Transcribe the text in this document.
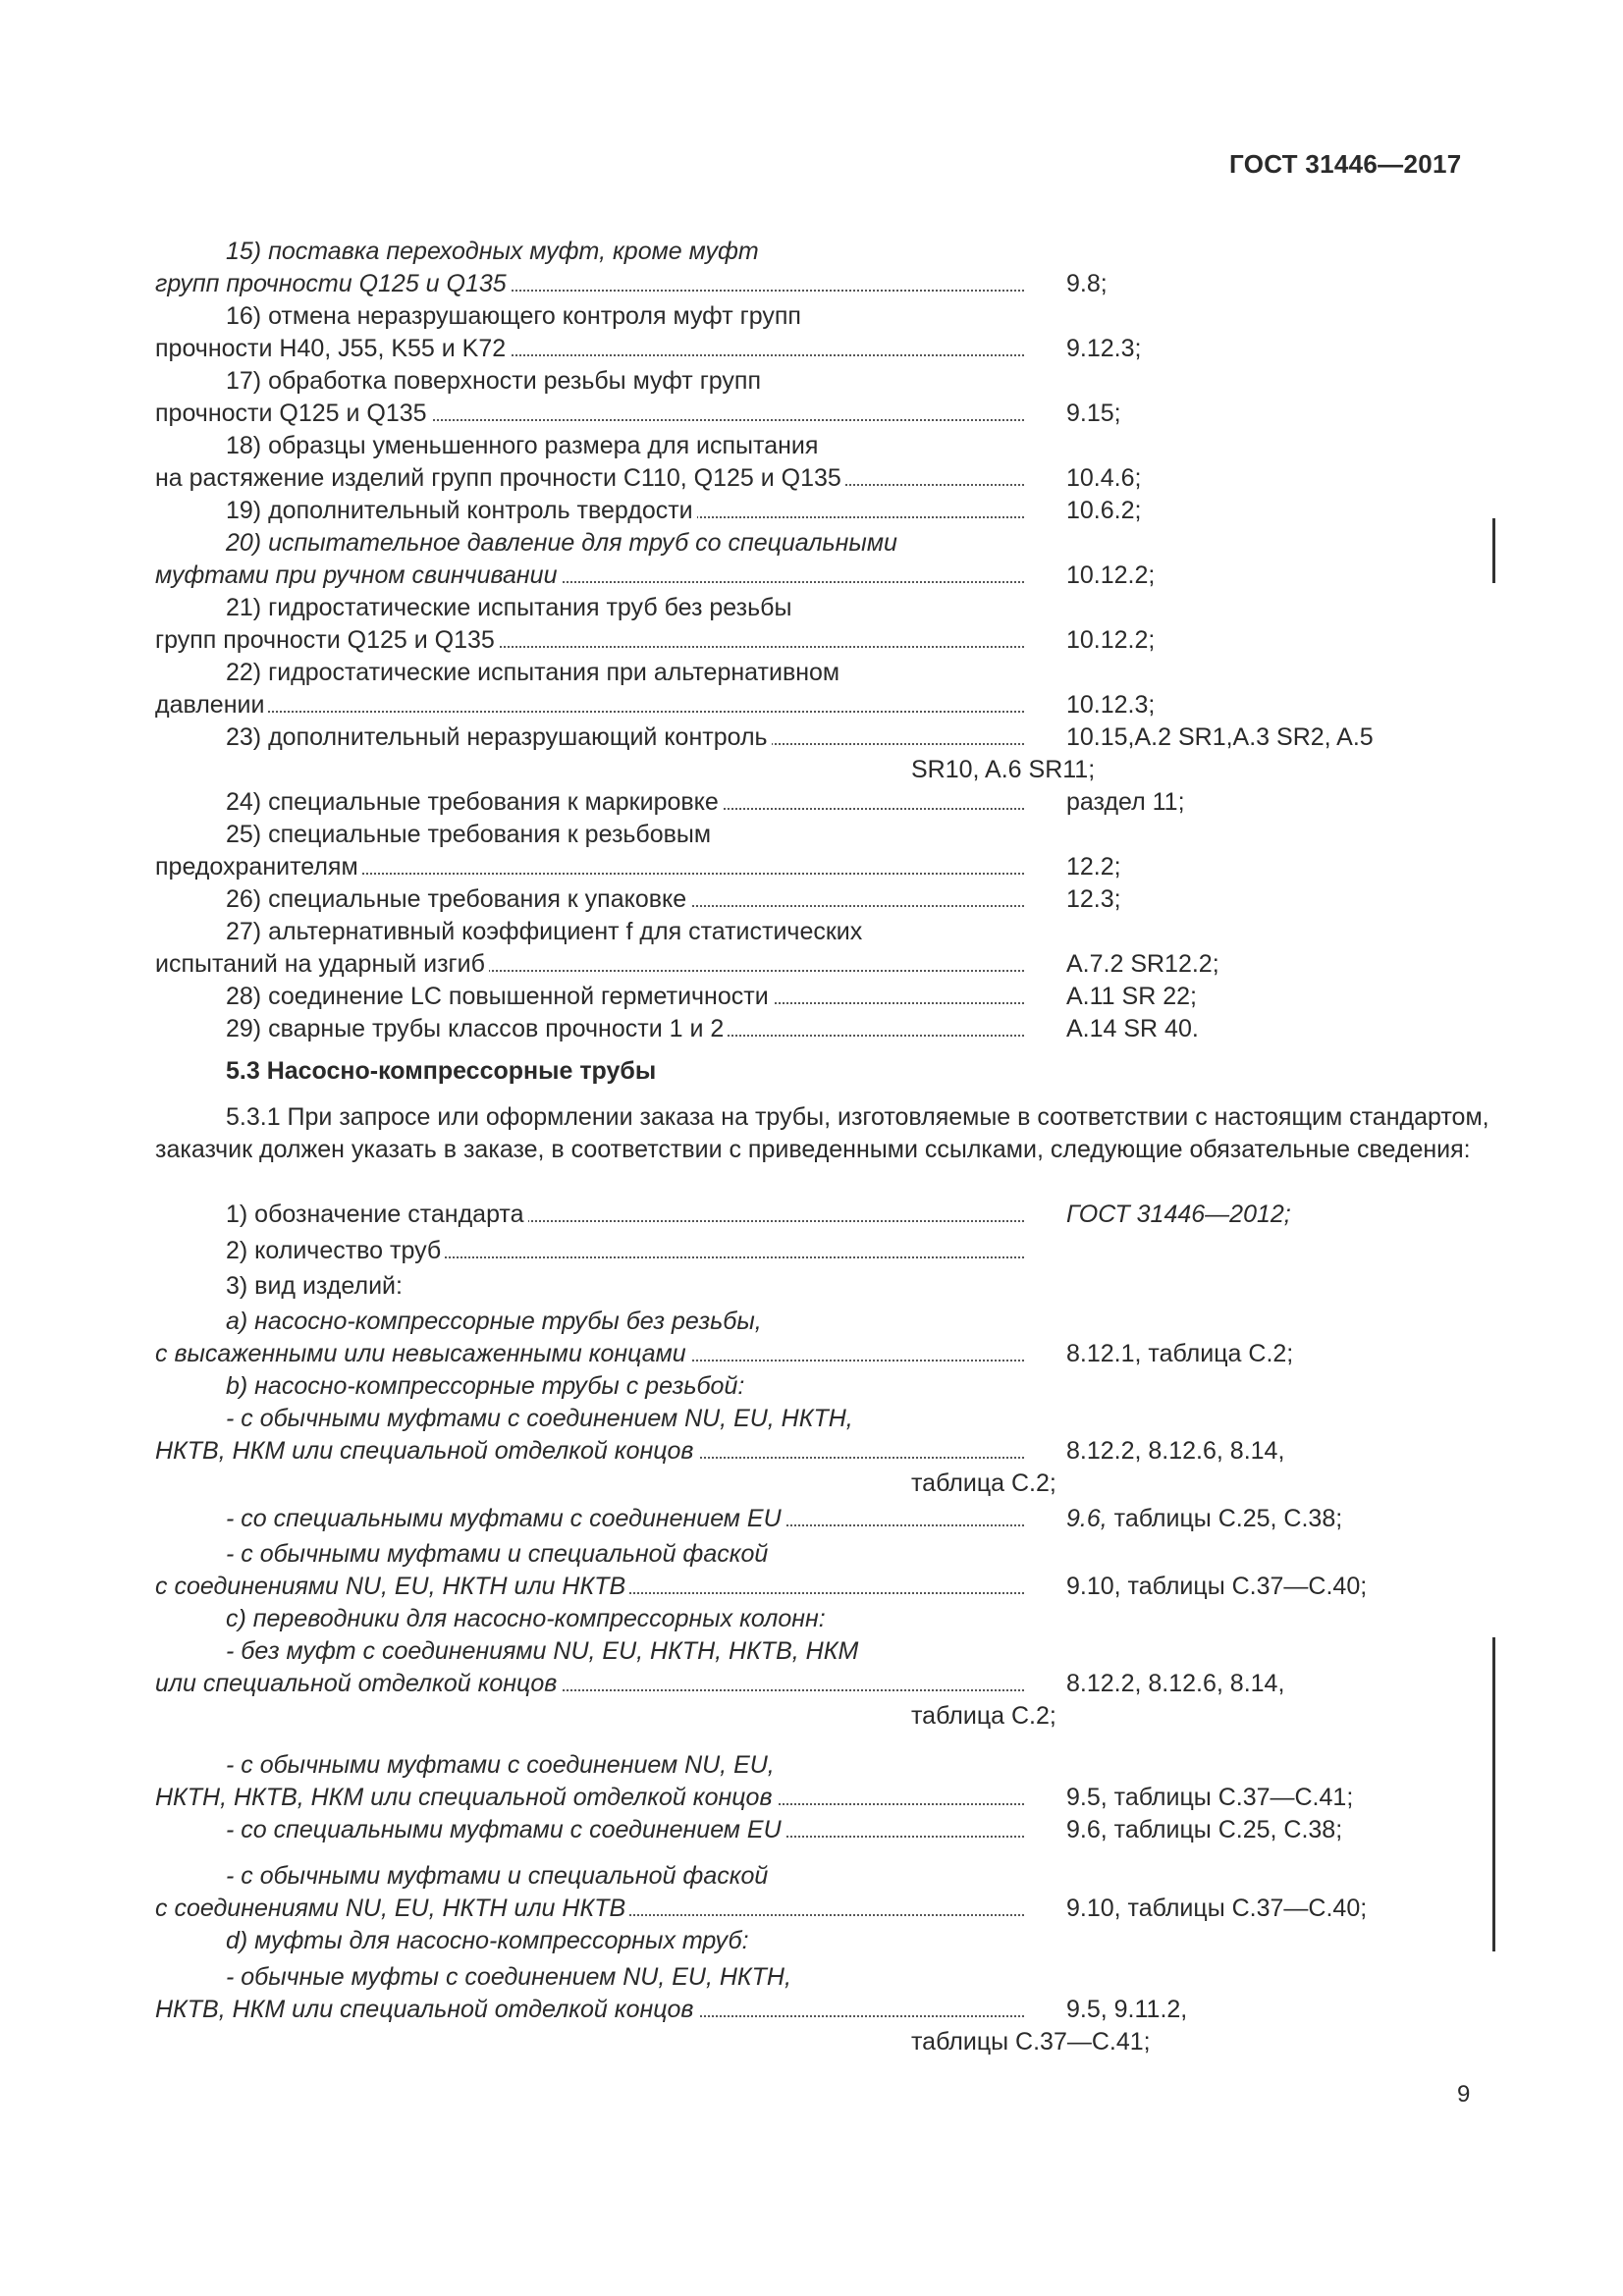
ГОСТ 31446—2017
15) поставка переходных муфт, кроме муфт
групп прочности Q125 и Q135	9.8;
16) отмена неразрушающего контроля муфт групп
прочности Н40, J55, K55 и K72	9.12.3;
17) обработка поверхности резьбы муфт групп
прочности Q125 и Q135	9.15;
18) образцы уменьшенного размера для испытания
на растяжение изделий групп прочности C110, Q125 и Q135	10.4.6;
19) дополнительный контроль твердости	10.6.2;
20) испытательное давление для труб со специальными
муфтами при ручном свинчивании	10.12.2;
21) гидростатические испытания труб без резьбы
групп прочности Q125 и Q135	10.12.2;
22) гидростатические испытания при альтернативном
давлении	10.12.3;
23) дополнительный неразрушающий контроль	10.15,A.2 SR1,A.3 SR2, A.5
SR10, A.6 SR11;
24) специальные требования к маркировке	раздел 11;
25) специальные требования к резьбовым
предохранителям	12.2;
26) специальные требования к упаковке	12.3;
27) альтернативный коэффициент f для статистических
испытаний на ударный изгиб	А.7.2 SR12.2;
28) соединение LC повышенной герметичности	А.11 SR 22;
29) сварные трубы классов прочности 1 и 2	А.14 SR 40.
5.3 Насосно-компрессорные трубы
5.3.1 При запросе или оформлении заказа на трубы, изготовляемые в соответствии с настоящим стандартом, заказчик должен указать в заказе, в соответствии с приведенными ссылками, следующие обязательные сведения:
1) обозначение стандарта	ГОСТ 31446—2012;
2) количество труб
3) вид изделий:
а) насосно-компрессорные трубы без резьбы,
с высаженными или невысаженными концами	8.12.1, таблица С.2;
b) насосно-компрессорные трубы с резьбой:
- с обычными муфтами с соединением NU, EU, НКТН,
НКТВ, НКМ или специальной отделкой концов	8.12.2, 8.12.6, 8.14,
таблица С.2;
- со специальными муфтами с соединением EU	9.6, таблицы С.25, С.38;
- с обычными муфтами и специальной фаской
с соединениями NU, EU, НКТН или НКТВ	9.10, таблицы С.37—С.40;
c) переводники для насосно-компрессорных колонн:
- без муфт с соединениями NU, EU, НКТН, НКТВ, НКМ
или специальной отделкой концов	8.12.2, 8.12.6, 8.14,
таблица С.2;
- с обычными муфтами с соединением NU, EU,
НКТН, НКТВ, НКМ или специальной отделкой концов	9.5, таблицы С.37—С.41;
- со специальными муфтами с соединением EU	9.6, таблицы С.25, С.38;
- с обычными муфтами и специальной фаской
с соединениями NU, EU, НКТН или НКТВ	9.10, таблицы С.37—С.40;
d) муфты для насосно-компрессорных труб:
- обычные муфты с соединением NU, EU, НКТН,
НКТВ, НКМ или специальной отделкой концов	9.5, 9.11.2,
таблицы С.37—С.41;
9
